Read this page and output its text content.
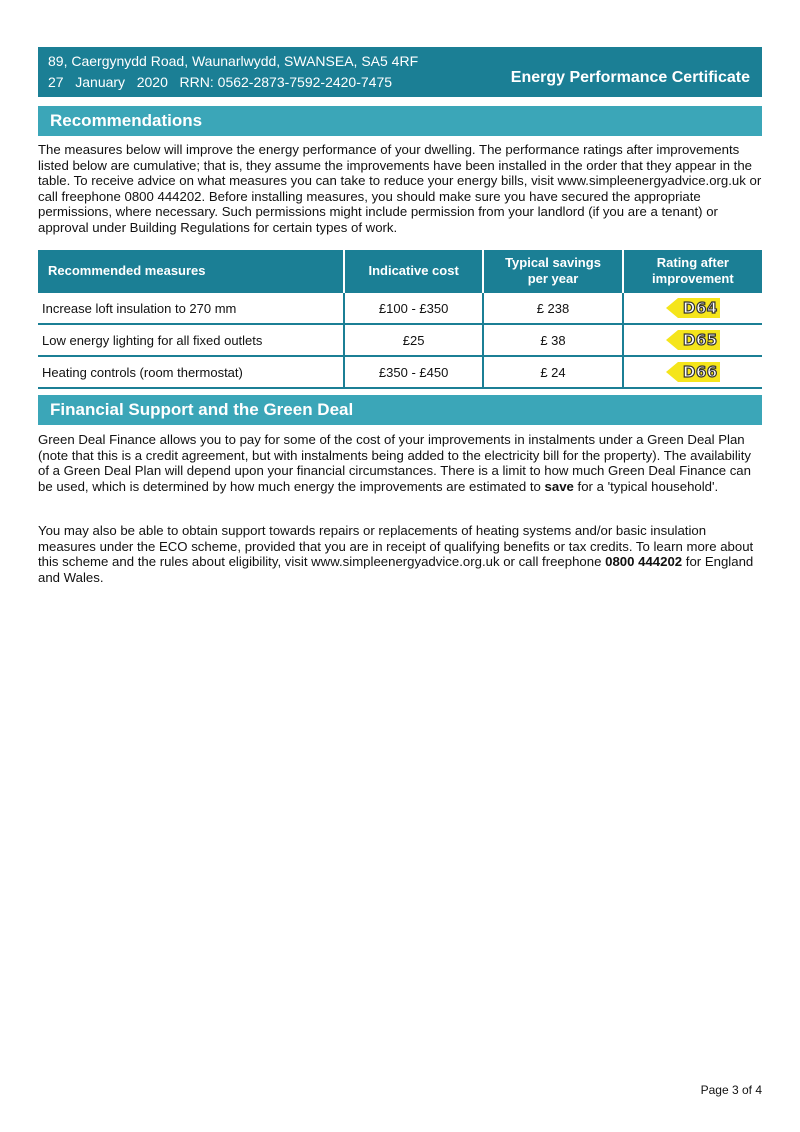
89, Caergynydd Road, Waunarlwydd, SWANSEA, SA5 4RF
27   January   2020 RRN: 0562-2873-7592-2420-7475	Energy Performance Certificate
Recommendations

The measures below will improve the energy performance of your dwelling. The performance ratings after improvements listed below are cumulative; that is, they assume the improvements have been installed in the order that they appear in the table. To receive advice on what measures you can take to reduce your energy bills, visit www.simpleenergyadvice.org.uk or call freephone 0800 444202. Before installing measures, you should make sure you have secured the appropriate permissions, where necessary. Such permissions might include permission from your landlord (if you are a tenant) or approval under Building Regulations for certain types of work.

Recommended measures	Indicative cost	Typical savings per year	Rating after improvement
Increase loft insulation to 270 mm	£100 - £350	£ 238	D64

Low energy lighting for all fixed outlets	£25	£ 38	D65

Heating controls (room thermostat)	£350 - £450	£ 24	D66
Financial Support and the Green Deal

Green Deal Finance allows you to pay for some of the cost of your improvements in instalments under a Green Deal Plan (note that this is a credit agreement, but with instalments being added to the electricity bill for the property). The availability of a Green Deal Plan will depend upon your financial circumstances. There is a limit to how much Green Deal Finance can be used, which is determined by how much energy the improvements are estimated to save for a 'typical household'.

You may also be able to obtain support towards repairs or replacements of heating systems and/or basic insulation measures under the ECO scheme, provided that you are in receipt of qualifying benefits or tax credits. To learn more about this scheme and the rules about eligibility, visit www.simpleenergyadvice.org.uk or call freephone 0800 444202 for England and Wales.

Page 3 of 4
